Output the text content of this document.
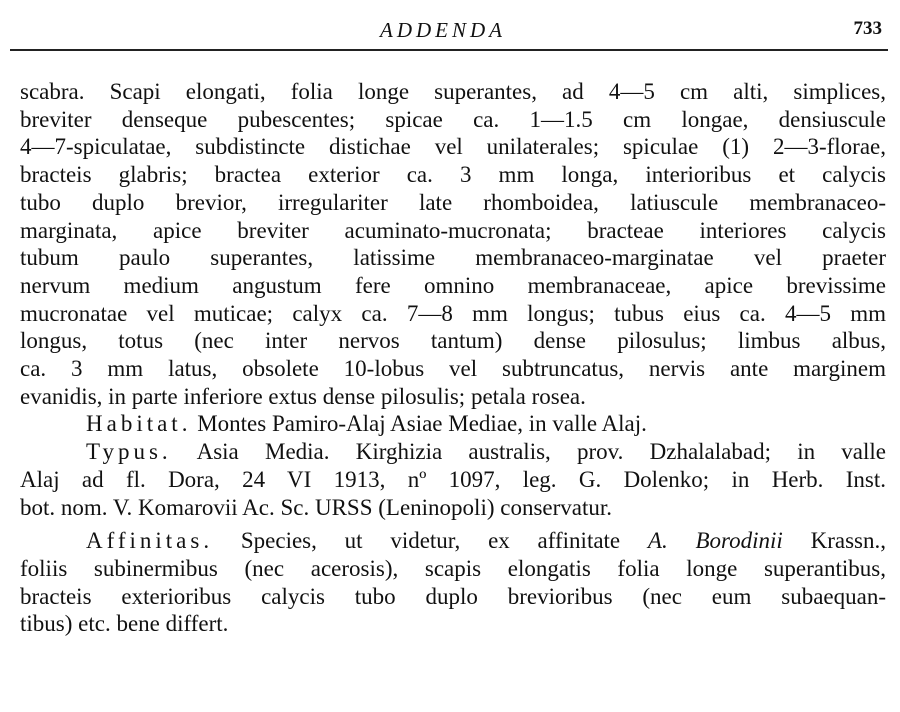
ADDENDA	733
scabra. Scapi elongati, folia longe superantes, ad 4—5 cm alti, simplices,
breviter denseque pubescentes; spicae ca. 1—1.5 cm longae, densiuscule
4—7-spiculatae, subdistincte distichae vel unilaterales; spiculae (1) 2—3-florae,
bracteis glabris; bractea exterior ca. 3 mm longa, interioribus et calycis
tubo duplo brevior, irregulariter late rhomboidea, latiuscule membranaceo-
marginata, apice breviter acuminato-mucronata; bracteae interiores calycis
tubum paulo superantes, latissime membranaceo-marginatae vel praeter
nervum medium angustum fere omnino membranaceae, apice brevissime
mucronatae vel muticae; calyx ca. 7—8 mm longus; tubus eius ca. 4—5 mm
longus, totus (nec inter nervos tantum) dense pilosulus; limbus albus,
ca. 3 mm latus, obsolete 10-lobus vel subtruncatus, nervis ante marginem
evanidis, in parte inferiore extus dense pilosulis; petala rosea.
Habitat. Montes Pamiro-Alaj Asiae Mediae, in valle Alaj.
Typus. Asia Media. Kirghizia australis, prov. Dzhalalabad; in valle
Alaj ad fl. Dora, 24 VI 1913, nº 1097, leg. G. Dolenko; in Herb. Inst.
bot. nom. V. Komarovii Ac. Sc. URSS (Leninopoli) conservatur.
Affinitas. Species, ut videtur, ex affinitate A. Borodinii Krassn.,
foliis subinermibus (nec acerosis), scapis elongatis folia longe superantibus,
bracteis exterioribus calycis tubo duplo brevioribus (nec eum subaequan-
tibus) etc. bene differt.
